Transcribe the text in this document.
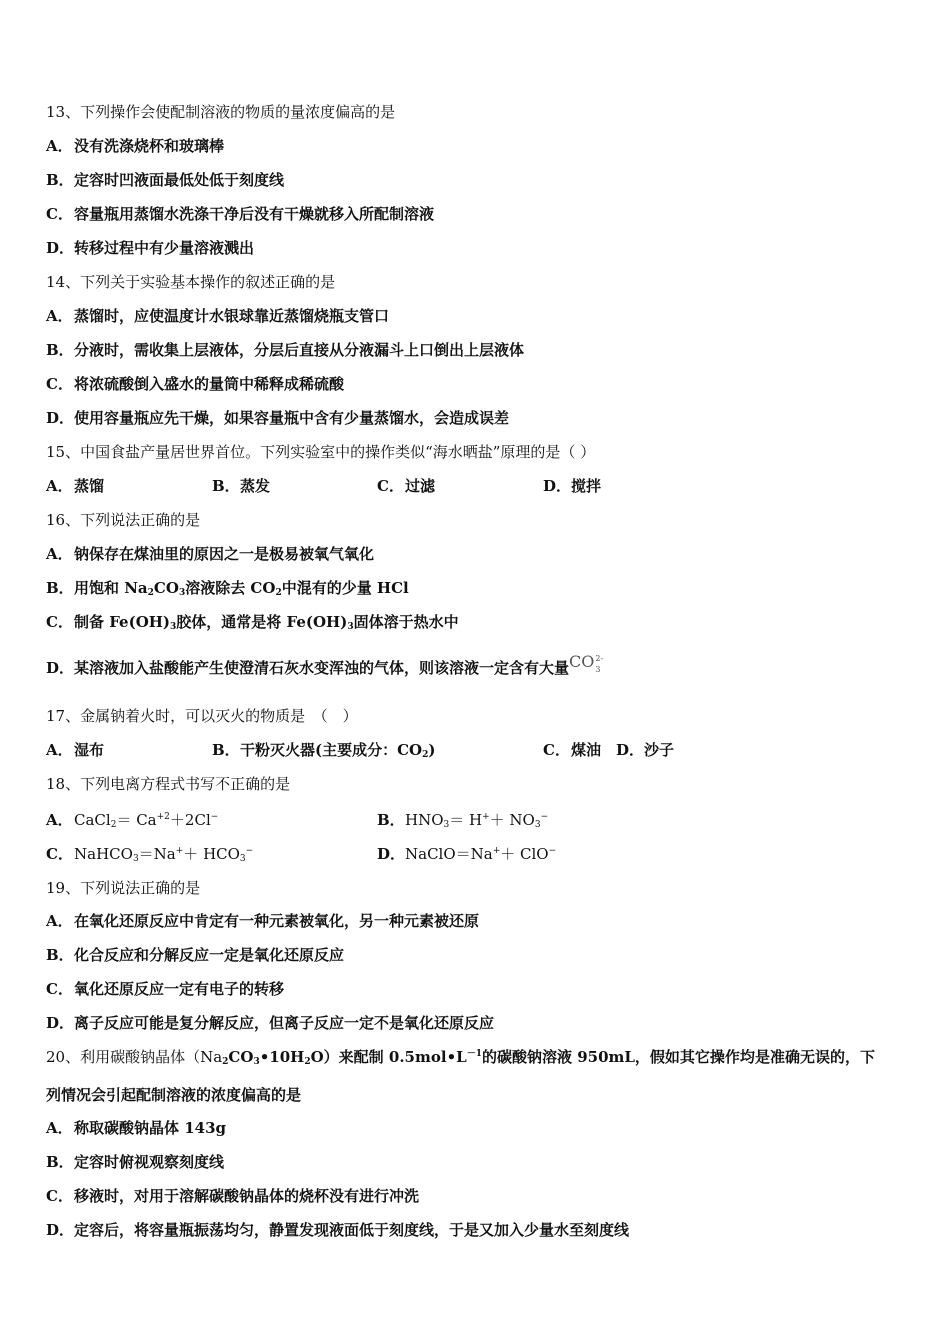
13、下列操作会使配制溶液的物质的量浓度偏高的是
A．没有洗涤烧杯和玻璃棒
B．定容时凹液面最低处低于刻度线
C．容量瓶用蒸馏水洗涤干净后没有干燥就移入所配制溶液
D．转移过程中有少量溶液溅出
14、下列关于实验基本操作的叙述正确的是
A．蒸馏时，应使温度计水银球靠近蒸馏烧瓶支管口
B．分液时，需收集上层液体，分层后直接从分液漏斗上口倒出上层液体
C．将浓硫酸倒入盛水的量筒中稀释成稀硫酸
D．使用容量瓶应先干燥，如果容量瓶中含有少量蒸馏水，会造成误差
15、中国食盐产量居世界首位。下列实验室中的操作类似“海水晒盐”原理的是（ ）
A．蒸馏	B．蒸发	C．过滤	D．搅拌
16、下列说法正确的是
A．钠保存在煤油里的原因之一是极易被氧气氧化
B．用饱和 $Na_2CO_3$溶液除去 $CO_2$中混有的少量 HCl
C．制备 $Fe(OH)_3$胶体，通常是将 $Fe(OH)_3$固体溶于热水中
D．某溶液加入盐酸能产生使澄清石灰水变浑浊的气体，则该溶液一定含有大量CO 2-
3
17、金属钠着火时，可以灭火的物质是　（　）
A．湿布	B．干粉灭火器(主要成分：$CO_2$)	C．煤油 D．沙子
18、下列电离方程式书写不正确的是
A．CaCl$_2$＝ $Ca^{+2}+2Cl^-$	B．$HNO_3= H^++ NO_3^-$
C．NaHCO$_3$＝Na+＋ $HCO_3^-$	D．NaClO＝Na+＋ ClO−
19、下列说法正确的是
A．在氧化还原反应中肯定有一种元素被氧化，另一种元素被还原
B．化合反应和分解反应一定是氧化还原反应
C．氧化还原反应一定有电子的转移
D．离子反应可能是复分解反应，但离子反应一定不是氧化还原反应
20、利用碳酸钠晶体$(Na_2CO_3•10H_2O)$来配制 $0.5mol•L^{-1}$的碳酸钠溶液 950mL，假如其它操作均是准确无误的，下
列情况会引起配制溶液的浓度偏高的是
A．称取碳酸钠晶体 143g
B．定容时俯视观察刻度线
C．移液时，对用于溶解碳酸钠晶体的烧杯没有进行冲洗
D．定容后，将容量瓶振荡均匀，静置发现液面低于刻度线，于是又加入少量水至刻度线
